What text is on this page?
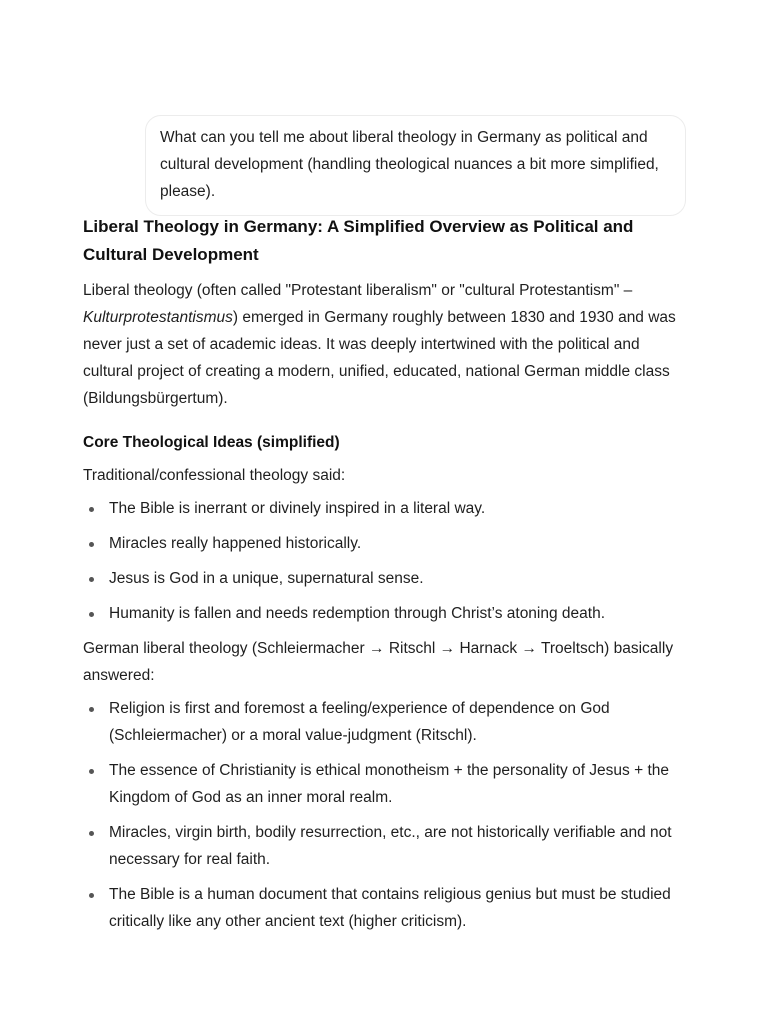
What can you tell me about liberal theology in Germany as political and cultural development (handling theological nuances a bit more simplified, please).
Liberal Theology in Germany: A Simplified Overview as Political and Cultural Development

Liberal theology (often called "Protestant liberalism" or "cultural Protestantism" – Kulturprotestantismus) emerged in Germany roughly between 1830 and 1930 and was never just a set of academic ideas. It was deeply intertwined with the political and cultural project of creating a modern, unified, educated, national German middle class (Bildungsbürgertum).

Core Theological Ideas (simplified)

Traditional/confessional theology said:

The Bible is inerrant or divinely inspired in a literal way.
Miracles really happened historically.
Jesus is God in a unique, supernatural sense.
Humanity is fallen and needs redemption through Christ’s atoning death.

German liberal theology (Schleiermacher → Ritschl → Harnack → Troeltsch) basically answered:

Religion is first and foremost a feeling/experience of dependence on God (Schleiermacher) or a moral value-judgment (Ritschl).
The essence of Christianity is ethical monotheism + the personality of Jesus + the Kingdom of God as an inner moral realm.
Miracles, virgin birth, bodily resurrection, etc., are not historically verifiable and not necessary for real faith.
The Bible is a human document that contains religious genius but must be studied critically like any other ancient text (higher criticism).
